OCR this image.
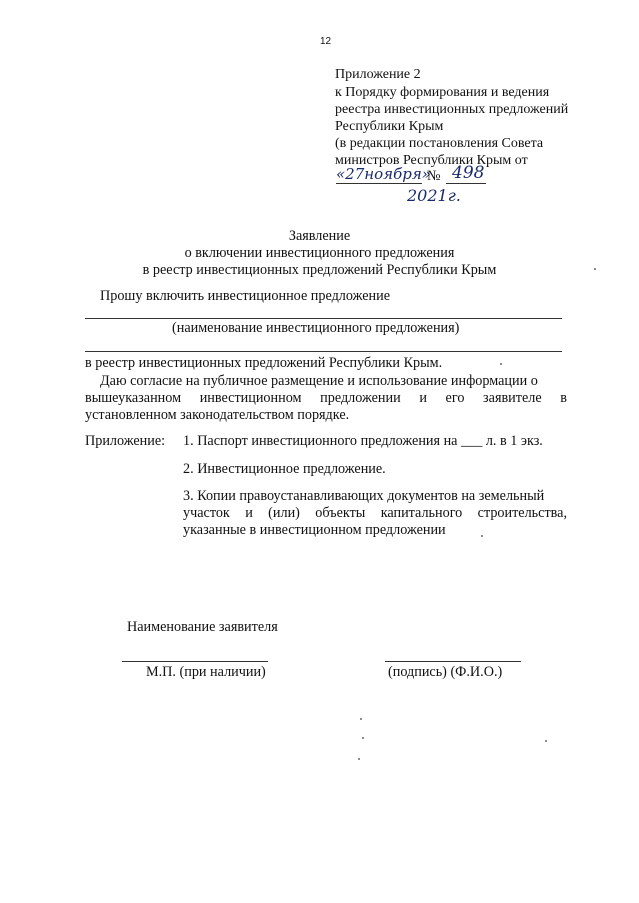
12
Приложение 2
к Порядку формирования и ведения
реестра инвестиционных предложений
Республики Крым
(в редакции постановления Совета
министров Республики Крым от
«27ноября»
№ 498
2021г.
Заявление
о включении инвестиционного предложения
в реестр инвестиционных предложений Республики Крым
Прошу включить инвестиционное предложение
(наименование инвестиционного предложения)
в реестр инвестиционных предложений Республики Крым.
Даю согласие на публичное размещение и использование информации о
вышеуказанном инвестиционном предложении и его заявителе в
установленном законодательством порядке.
Приложение: 1. Паспорт инвестиционного предложения на ___ л. в 1 экз.
2. Инвестиционное предложение.
3. Копии правоустанавливающих документов на земельный
участок и (или) объекты капитального строительства,
указанные в инвестиционном предложении
Наименование заявителя
М.П. (при наличии)	(подпись) (Ф.И.О.)
